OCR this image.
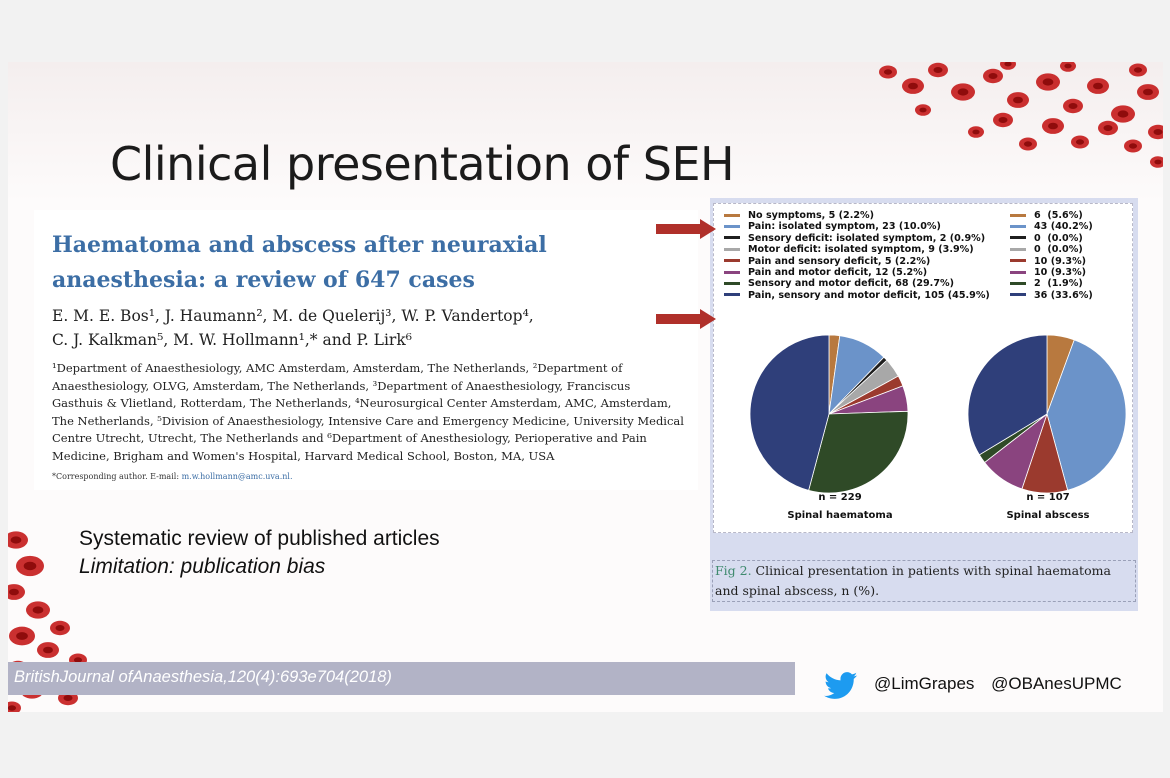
Clinical presentation of SEH
Haematoma and abscess after neuraxial
anaesthesia: a review of 647 cases
E. M. E. Bos¹, J. Haumann², M. de Quelerij³, W. P. Vandertop⁴,
C. J. Kalkman⁵, M. W. Hollmann¹,* and P. Lirk⁶
¹Department of Anaesthesiology, AMC Amsterdam, Amsterdam, The Netherlands, ²Department of
Anaesthesiology, OLVG, Amsterdam, The Netherlands, ³Department of Anaesthesiology, Franciscus
Gasthuis & Vlietland, Rotterdam, The Netherlands, ⁴Neurosurgical Center Amsterdam, AMC, Amsterdam,
The Netherlands, ⁵Division of Anaesthesiology, Intensive Care and Emergency Medicine, University Medical
Centre Utrecht, Utrecht, The Netherlands and ⁶Department of Anesthesiology, Perioperative and Pain
Medicine, Brigham and Women's Hospital, Harvard Medical School, Boston, MA, USA
*Corresponding author. E-mail: m.w.hollmann@amc.uva.nl.
n = 229
Spinal haematoma
n = 107
Spinal abscess
No symptoms, 5 (2.2%)
Pain: isolated symptom, 23 (10.0%)
Sensory deficit: isolated symptom, 2 (0.9%)
Motor deficit: isolated symptom, 9 (3.9%)
Pain and sensory deficit, 5 (2.2%)
Pain and motor deficit, 12 (5.2%)
Sensory and motor deficit, 68 (29.7%)
Pain, sensory and motor deficit, 105 (45.9%)
6  (5.6%)
43 (40.2%)
0  (0.0%)
0  (0.0%)
10 (9.3%)
10 (9.3%)
2  (1.9%)
36 (33.6%)
Fig 2. Clinical presentation in patients with spinal haematoma
and spinal abscess, n (%).
Systematic review of published articles
Limitation: publication bias
BritishJournal ofAnaesthesia,120(4):693e704(2018)	@LimGrapes @OBAnesUPMC
